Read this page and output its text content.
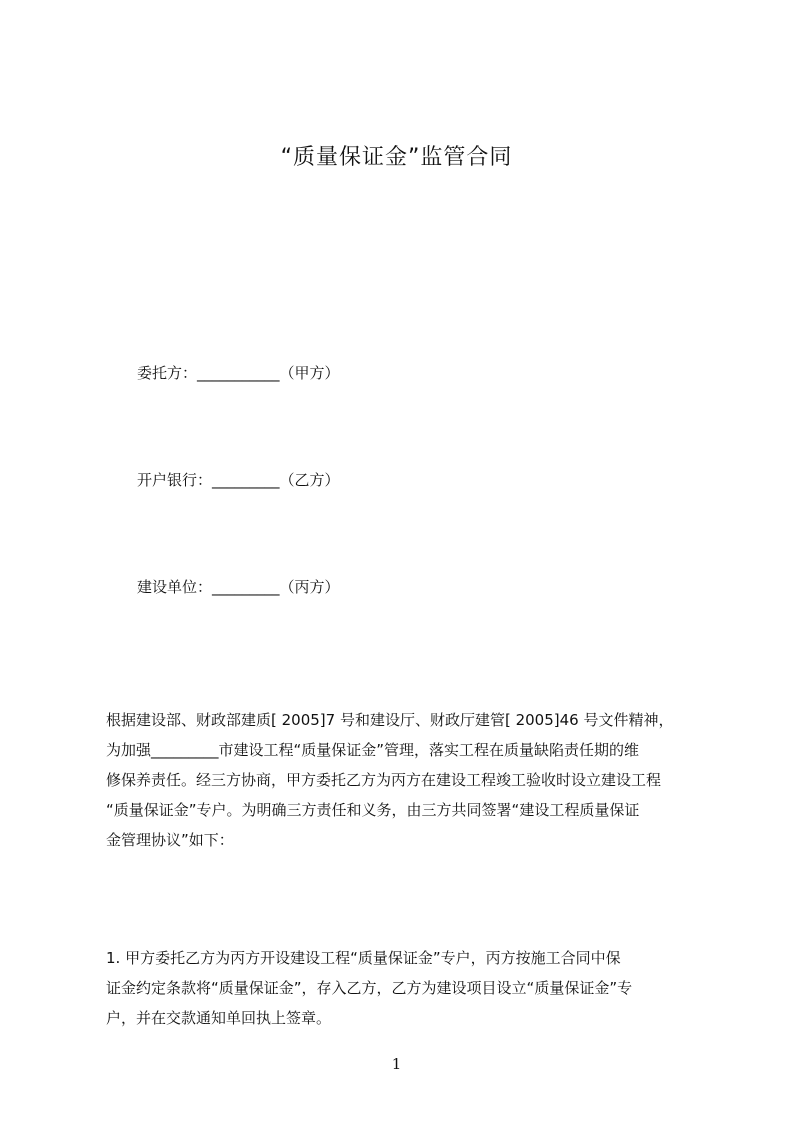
“质量保证金”监管合同
委托方：___________（甲方）
开户银行：_________（乙方）
建设单位：_________（丙方）
根据建设部、财政部建质[ 2005]7 号和建设厅、财政厅建管[ 2005]46 号文件精神，
为加强_________市建设工程“质量保证金”管理，落实工程在质量缺陷责任期的维
修保养责任。经三方协商，甲方委托乙方为丙方在建设工程竣工验收时设立建设工程
“质量保证金”专户。为明确三方责任和义务，由三方共同签署“建设工程质量保证
金管理协议”如下：
1. 甲方委托乙方为丙方开设建设工程“质量保证金”专户，丙方按施工合同中保
证金约定条款将“质量保证金”，存入乙方，乙方为建设项目设立“质量保证金”专
户，并在交款通知单回执上签章。
1
